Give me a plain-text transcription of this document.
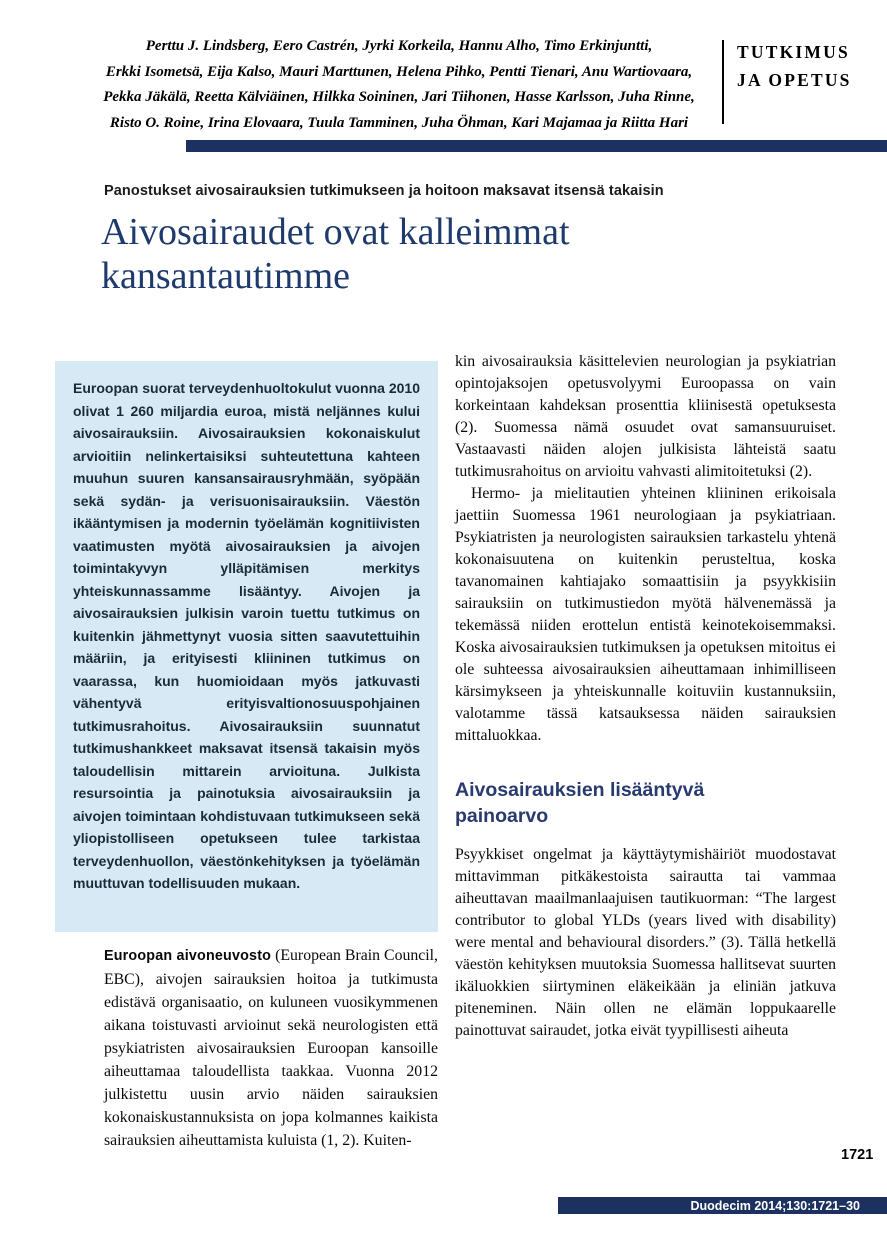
Perttu J. Lindsberg, Eero Castrén, Jyrki Korkeila, Hannu Alho, Timo Erkinjuntti,
Erkki Isometsä, Eija Kalso, Mauri Marttunen, Helena Pihko, Pentti Tienari, Anu Wartiovaara,
Pekka Jäkälä, Reetta Kälviäinen, Hilkka Soininen, Jari Tiihonen, Hasse Karlsson, Juha Rinne,
Risto O. Roine, Irina Elovaara, Tuula Tamminen, Juha Öhman, Kari Majamaa ja Riitta Hari
TUTKIMUS
JA OPETUS
Panostukset aivosairauksien tutkimukseen ja hoitoon maksavat itsensä takaisin
Aivosairaudet ovat kalleimmat
kansantautimme

Euroopan suorat terveydenhuoltokulut vuonna 2010 olivat 1 260 miljardia euroa, mistä neljännes kului aivosairauksiin. Aivosairauksien kokonaiskulut arvioitiin nelinkertaisiksi suhteutettuna kahteen muuhun suuren kansansairausryhmään, syöpään sekä sydän- ja verisuonisairauksiin. Väestön ikääntymisen ja modernin työelämän kognitiivisten vaatimusten myötä aivosairauksien ja aivojen toimintakyvyn ylläpitämisen merkitys yhteiskunnassamme lisääntyy. Aivojen ja aivosairauksien julkisin varoin tuettu tutkimus on kuitenkin jähmettynyt vuosia sitten saavutettuihin määriin, ja erityisesti kliininen tutkimus on vaarassa, kun huomioidaan myös jatkuvasti vähentyvä erityisvaltionosuuspohjainen tutkimusrahoitus. Aivosairauksiin suunnatut tutkimushankkeet maksavat itsensä takaisin myös taloudellisin mittarein arvioituna. Julkista resursointia ja painotuksia aivosairauksiin ja aivojen toimintaan kohdistuvaan tutkimukseen sekä yliopistolliseen opetukseen tulee tarkistaa terveydenhuollon, väestönkehityksen ja työelämän muuttuvan todellisuuden mukaan.

Euroopan aivoneuvosto (European Brain Council, EBC), aivojen sairauksien hoitoa ja tutkimusta edistävä organisaatio, on kuluneen vuosikymmenen aikana toistuvasti arvioinut sekä neurologisten että psykiatristen aivosairauksien Euroopan kansoille aiheuttamaa taloudellista taakkaa. Vuonna 2012 julkistettu uusin arvio näiden sairauksien kokonaiskustannuksista on jopa kolmannes kaikista sairauksien aiheuttamista kuluista (1, 2). Kuiten-

kin aivosairauksia käsittelevien neurologian ja psykiatrian opintojaksojen opetusvolyymi Euroopassa on vain korkeintaan kahdeksan prosenttia kliinisestä opetuksesta (2). Suomessa nämä osuudet ovat samansuuruiset. Vastaavasti näiden alojen julkisista lähteistä saatu tutkimusrahoitus on arvioitu vahvasti alimitoitetuksi (2).

Hermo- ja mielitautien yhteinen kliininen erikoisala jaettiin Suomessa 1961 neurologiaan ja psykiatriaan. Psykiatristen ja neurologisten sairauksien tarkastelu yhtenä kokonaisuutena on kuitenkin perusteltua, koska tavanomainen kahtiajako somaattisiin ja psyykkisiin sairauksiin on tutkimustiedon myötä hälvenemässä ja tekemässä niiden erottelun entistä keinotekoisemmaksi. Koska aivosairauksien tutkimuksen ja opetuksen mitoitus ei ole suhteessa aivosairauksien aiheuttamaan inhimilliseen kärsimykseen ja yhteiskunnalle koituviin kustannuksiin, valotamme tässä katsauksessa näiden sairauksien mittaluokkaa.

Aivosairauksien lisääntyvä
painoarvo

Psyykkiset ongelmat ja käyttäytymishäiriöt muodostavat mittavimman pitkäkestoista sairautta tai vammaa aiheuttavan maailmanlaajuisen tautikuorman: “The largest contributor to global YLDs (years lived with disability) were mental and behavioural disorders.” (3). Tällä hetkellä väestön kehityksen muutoksia Suomessa hallitsevat suurten ikäluokkien siirtyminen eläkeikään ja eliniän jatkuva piteneminen. Näin ollen ne elämän loppukaarelle painottuvat sairaudet, jotka eivät tyypillisesti aiheuta

1721
Duodecim 2014;130:1721–30
